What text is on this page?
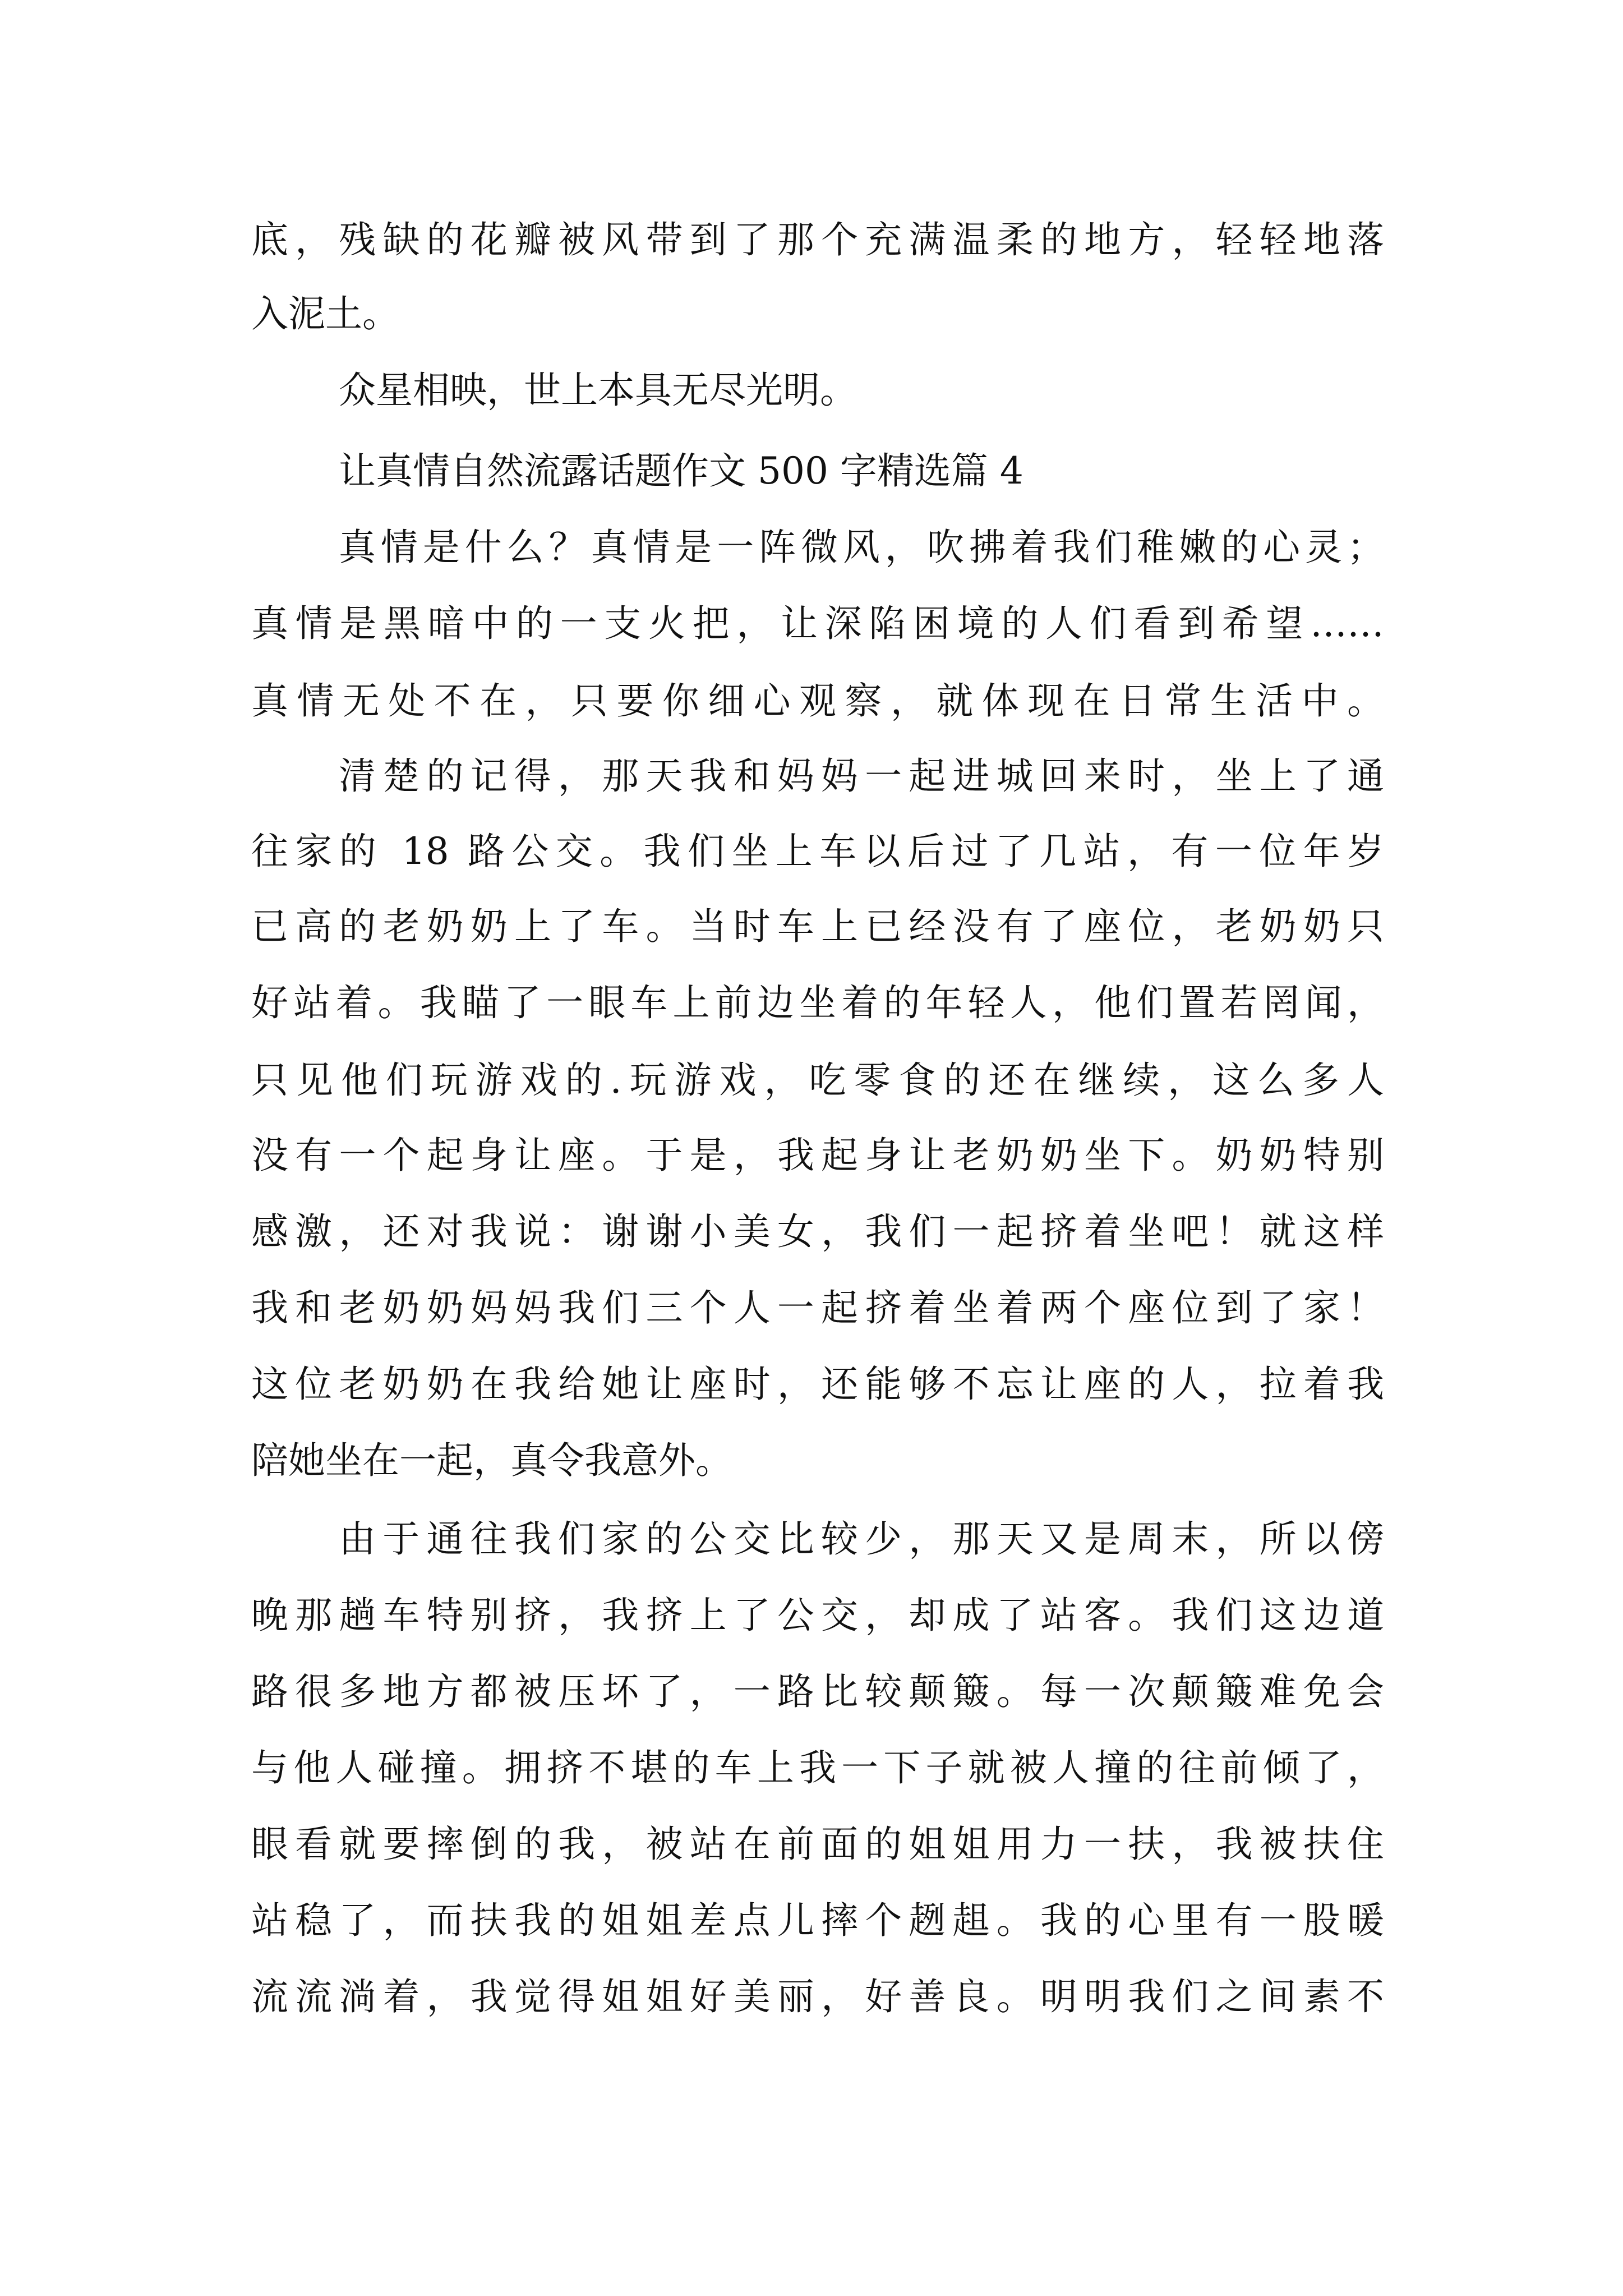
底，残缺的花瓣被风带到了那个充满温柔的地方，轻轻地落

入泥土。

众星相映，世上本具无尽光明。

让真情自然流露话题作文 500 字精选篇 4

真情是什么？真情是一阵微风，吹拂着我们稚嫩的心灵；

真情是黑暗中的一支火把，让深陷困境的人们看到希望……

真情无处不在，只要你细心观察，就体现在日常生活中。

清楚的记得，那天我和妈妈一起进城回来时，坐上了通

往家的 18 路公交。我们坐上车以后过了几站，有一位年岁

已高的老奶奶上了车。当时车上已经没有了座位，老奶奶只

好站着。我瞄了一眼车上前边坐着的年轻人，他们置若罔闻，

只见他们玩游戏的.玩游戏，吃零食的还在继续，这么多人

没有一个起身让座。于是，我起身让老奶奶坐下。奶奶特别

感激，还对我说：谢谢小美女，我们一起挤着坐吧！就这样

我和老奶奶妈妈我们三个人一起挤着坐着两个座位到了家！

这位老奶奶在我给她让座时，还能够不忘让座的人，拉着我

陪她坐在一起，真令我意外。

由于通往我们家的公交比较少，那天又是周末，所以傍

晚那趟车特别挤，我挤上了公交，却成了站客。我们这边道

路很多地方都被压坏了，一路比较颠簸。每一次颠簸难免会

与他人碰撞。拥挤不堪的车上我一下子就被人撞的往前倾了，

眼看就要摔倒的我，被站在前面的姐姐用力一扶，我被扶住

站稳了，而扶我的姐姐差点儿摔个趔趄。我的心里有一股暖

流流淌着，我觉得姐姐好美丽，好善良。明明我们之间素不
